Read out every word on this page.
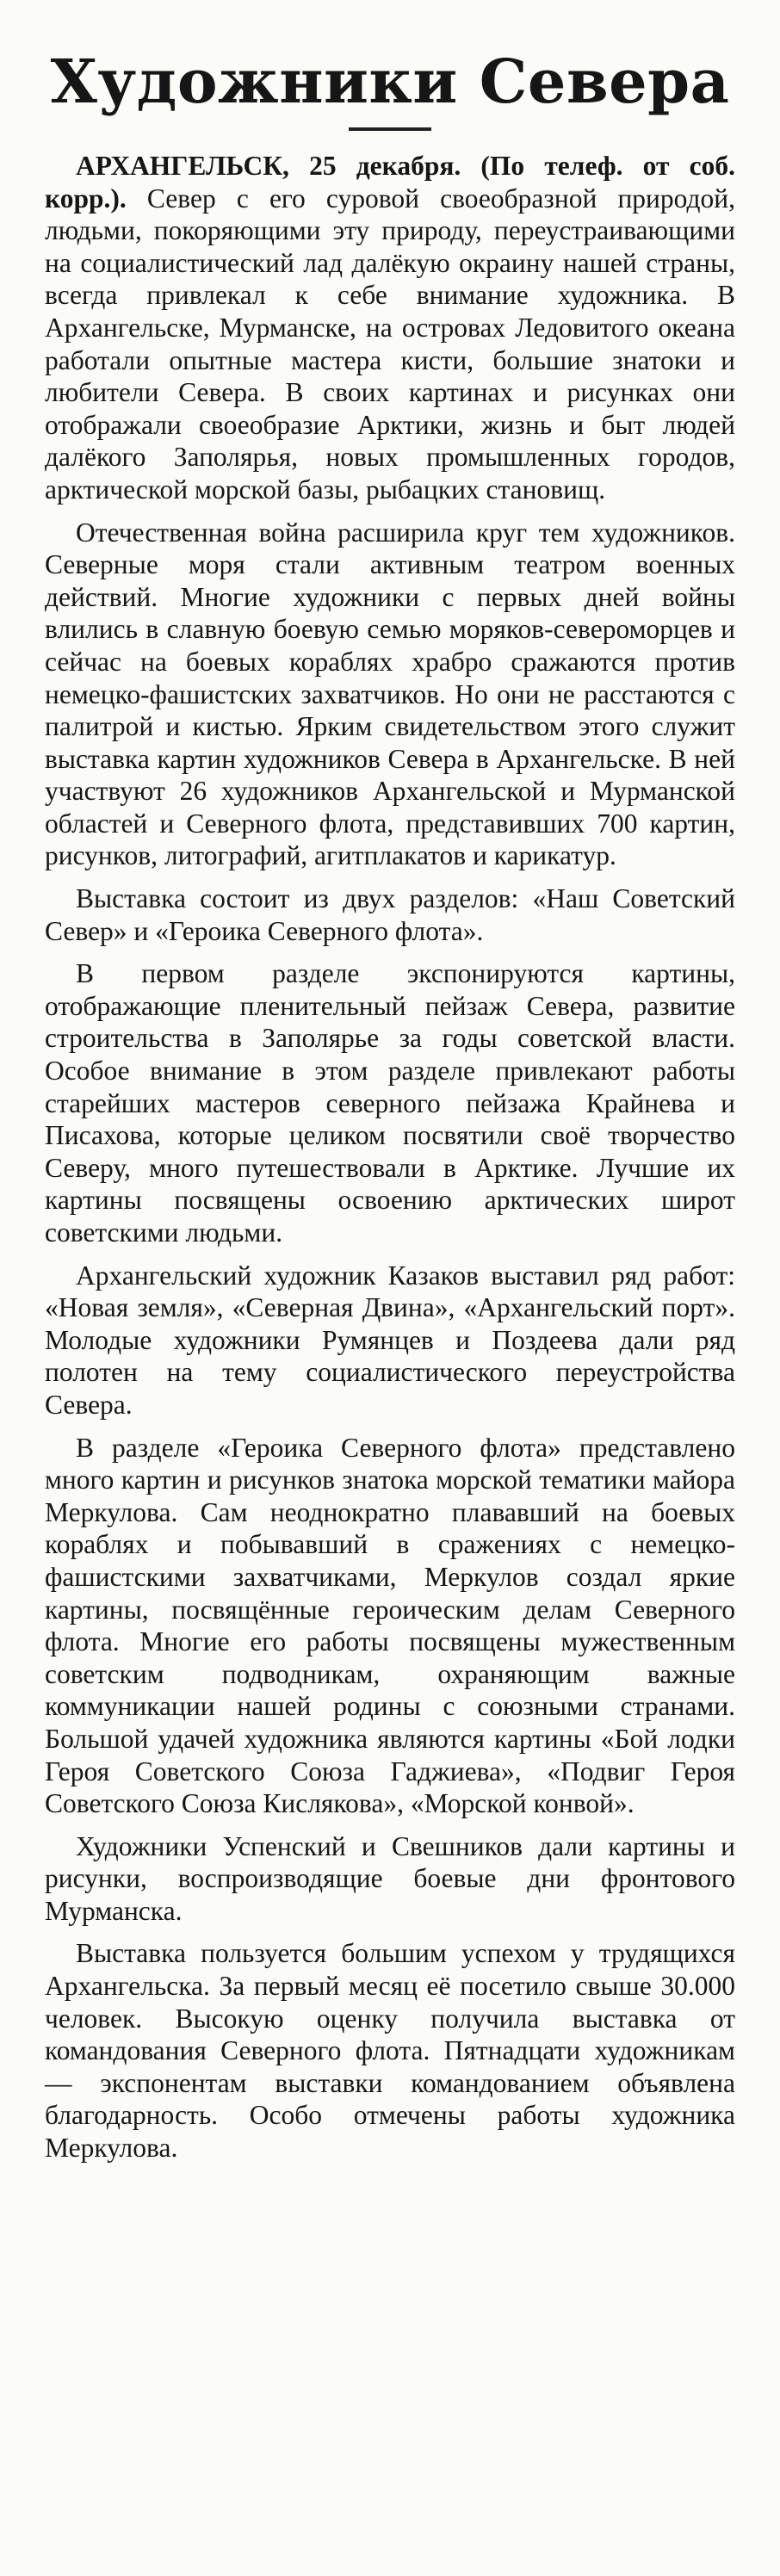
Художники Севера

АРХАНГЕЛЬСК, 25 декабря. (По телеф. от соб. корр.). Север с его суровой своеобразной природой, людьми, покоряющими эту природу, переустраивающими на социалистический лад далёкую окраину нашей страны, всегда привлекал к себе внимание художника. В Архангельске, Мурманске, на островах Ледовитого океана работали опытные мастера кисти, большие знатоки и любители Севера. В своих картинах и рисунках они отображали своеобразие Арктики, жизнь и быт людей далёкого Заполярья, новых промышленных городов, арктической морской базы, рыбацких становищ.

Отечественная война расширила круг тем художников. Северные моря стали активным театром военных действий. Многие художники с первых дней войны влились в славную боевую семью моряков-североморцев и сейчас на боевых кораблях храбро сражаются против немецко-фашистских захватчиков. Но они не расстаются с палитрой и кистью. Ярким свидетельством этого служит выставка картин художников Севера в Архангельске. В ней участвуют 26 художников Архангельской и Мурманской областей и Северного флота, представивших 700 картин, рисунков, литографий, агитплакатов и карикатур.

Выставка состоит из двух разделов: «Наш Советский Север» и «Героика Северного флота».

В первом разделе экспонируются картины, отображающие пленительный пейзаж Севера, развитие строительства в Заполярье за годы советской власти. Особое внимание в этом разделе привлекают работы старейших мастеров северного пейзажа Крайнева и Писахова, которые целиком посвятили своё творчество Северу, много путешествовали в Арктике. Лучшие их картины посвящены освоению арктических широт советскими людьми.

Архангельский художник Казаков выставил ряд работ: «Новая земля», «Северная Двина», «Архангельский порт». Молодые художники Румянцев и Поздеева дали ряд полотен на тему социалистического переустройства Севера.

В разделе «Героика Северного флота» представлено много картин и рисунков знатока морской тематики майора Меркулова. Сам неоднократно плававший на боевых кораблях и побывавший в сражениях с немецко-фашистскими захватчиками, Меркулов создал яркие картины, посвящённые героическим делам Северного флота. Многие его работы посвящены мужественным советским подводникам, охраняющим важные коммуникации нашей родины с союзными странами. Большой удачей художника являются картины «Бой лодки Героя Советского Союза Гаджиева», «Подвиг Героя Советского Союза Кислякова», «Морской конвой».

Художники Успенский и Свешников дали картины и рисунки, воспроизводящие боевые дни фронтового Мурманска.

Выставка пользуется большим успехом у трудящихся Архангельска. За первый месяц её посетило свыше 30.000 человек. Высокую оценку получила выставка от командования Северного флота. Пятнадцати художникам — экспонентам выставки командованием объявлена благодарность. Особо отмечены работы художника Меркулова.
